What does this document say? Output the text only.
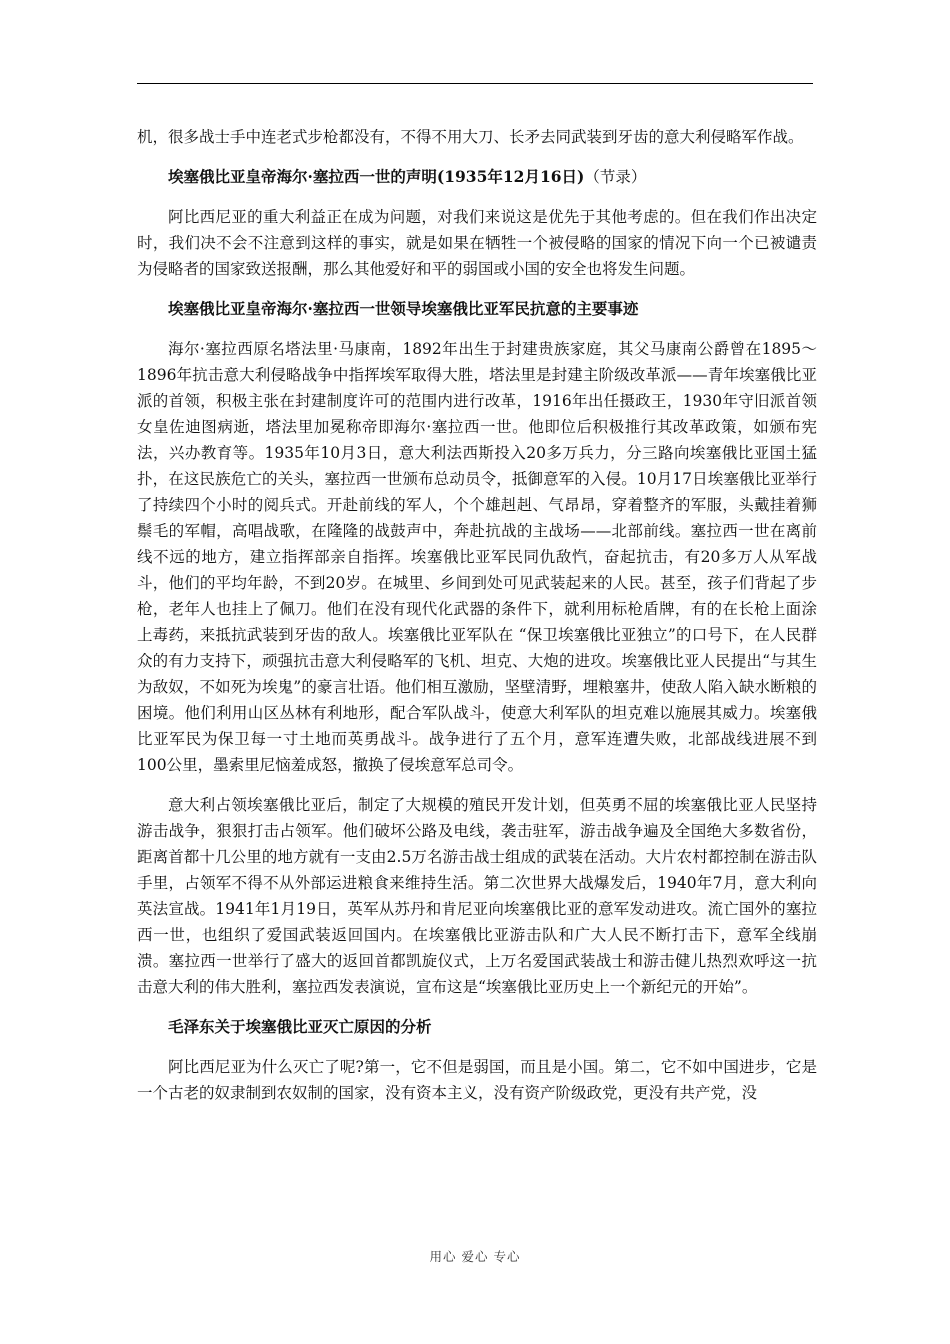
机，很多战士手中连老式步枪都没有，不得不用大刀、长矛去同武装到牙齿的意大利侵略军作战。

埃塞俄比亚皇帝海尔·塞拉西一世的声明(1935年12月16日)（节录）

阿比西尼亚的重大利益正在成为问题，对我们来说这是优先于其他考虑的。但在我们作出决定时，我们决不会不注意到这样的事实，就是如果在牺牲一个被侵略的国家的情况下向一个已被谴责为侵略者的国家致送报酬，那么其他爱好和平的弱国或小国的安全也将发生问题。

埃塞俄比亚皇帝海尔·塞拉西一世领导埃塞俄比亚军民抗意的主要事迹

海尔·塞拉西原名塔法里·马康南，1892年出生于封建贵族家庭，其父马康南公爵曾在1895～1896年抗击意大利侵略战争中指挥埃军取得大胜，塔法里是封建主阶级改革派——青年埃塞俄比亚派的首领，积极主张在封建制度许可的范围内进行改革，1916年出任摄政王，1930年守旧派首领女皇佐迪图病逝，塔法里加冕称帝即海尔·塞拉西一世。他即位后积极推行其改革政策，如颁布宪法，兴办教育等。1935年10月3日，意大利法西斯投入20多万兵力，分三路向埃塞俄比亚国土猛扑，在这民族危亡的关头，塞拉西一世颁布总动员令，抵御意军的入侵。10月17日埃塞俄比亚举行了持续四个小时的阅兵式。开赴前线的军人，个个雄赳赳、气昂昂，穿着整齐的军服，头戴挂着狮鬃毛的军帽，高唱战歌，在隆隆的战鼓声中，奔赴抗战的主战场——北部前线。塞拉西一世在离前线不远的地方，建立指挥部亲自指挥。埃塞俄比亚军民同仇敌忾，奋起抗击，有20多万人从军战斗，他们的平均年龄，不到20岁。在城里、乡间到处可见武装起来的人民。甚至，孩子们背起了步枪，老年人也挂上了佩刀。他们在没有现代化武器的条件下，就利用标枪盾牌，有的在长枪上面涂上毒药，来抵抗武装到牙齿的敌人。埃塞俄比亚军队在 “保卫埃塞俄比亚独立”的口号下，在人民群众的有力支持下，顽强抗击意大利侵略军的飞机、坦克、大炮的进攻。埃塞俄比亚人民提出“与其生为敌奴，不如死为埃鬼”的豪言壮语。他们相互激励，坚壁清野，埋粮塞井，使敌人陷入缺水断粮的困境。他们利用山区丛林有利地形，配合军队战斗，使意大利军队的坦克难以施展其威力。埃塞俄比亚军民为保卫每一寸土地而英勇战斗。战争进行了五个月，意军连遭失败，北部战线进展不到100公里，墨索里尼恼羞成怒，撤换了侵埃意军总司令。

意大利占领埃塞俄比亚后，制定了大规模的殖民开发计划，但英勇不屈的埃塞俄比亚人民坚持游击战争，狠狠打击占领军。他们破坏公路及电线，袭击驻军，游击战争遍及全国绝大多数省份，距离首都十几公里的地方就有一支由2.5万名游击战士组成的武装在活动。大片农村都控制在游击队手里，占领军不得不从外部运进粮食来维持生活。第二次世界大战爆发后，1940年7月，意大利向英法宣战。1941年1月19日，英军从苏丹和肯尼亚向埃塞俄比亚的意军发动进攻。流亡国外的塞拉西一世，也组织了爱国武装返回国内。在埃塞俄比亚游击队和广大人民不断打击下，意军全线崩溃。塞拉西一世举行了盛大的返回首都凯旋仪式，上万名爱国武装战士和游击健儿热烈欢呼这一抗击意大利的伟大胜利，塞拉西发表演说，宣布这是“埃塞俄比亚历史上一个新纪元的开始”。

毛泽东关于埃塞俄比亚灭亡原因的分析

阿比西尼亚为什么灭亡了呢?第一，它不但是弱国，而且是小国。第二，它不如中国进步，它是一个古老的奴隶制到农奴制的国家，没有资本主义，没有资产阶级政党，更没有共产党，没

用心 爱心 专心
